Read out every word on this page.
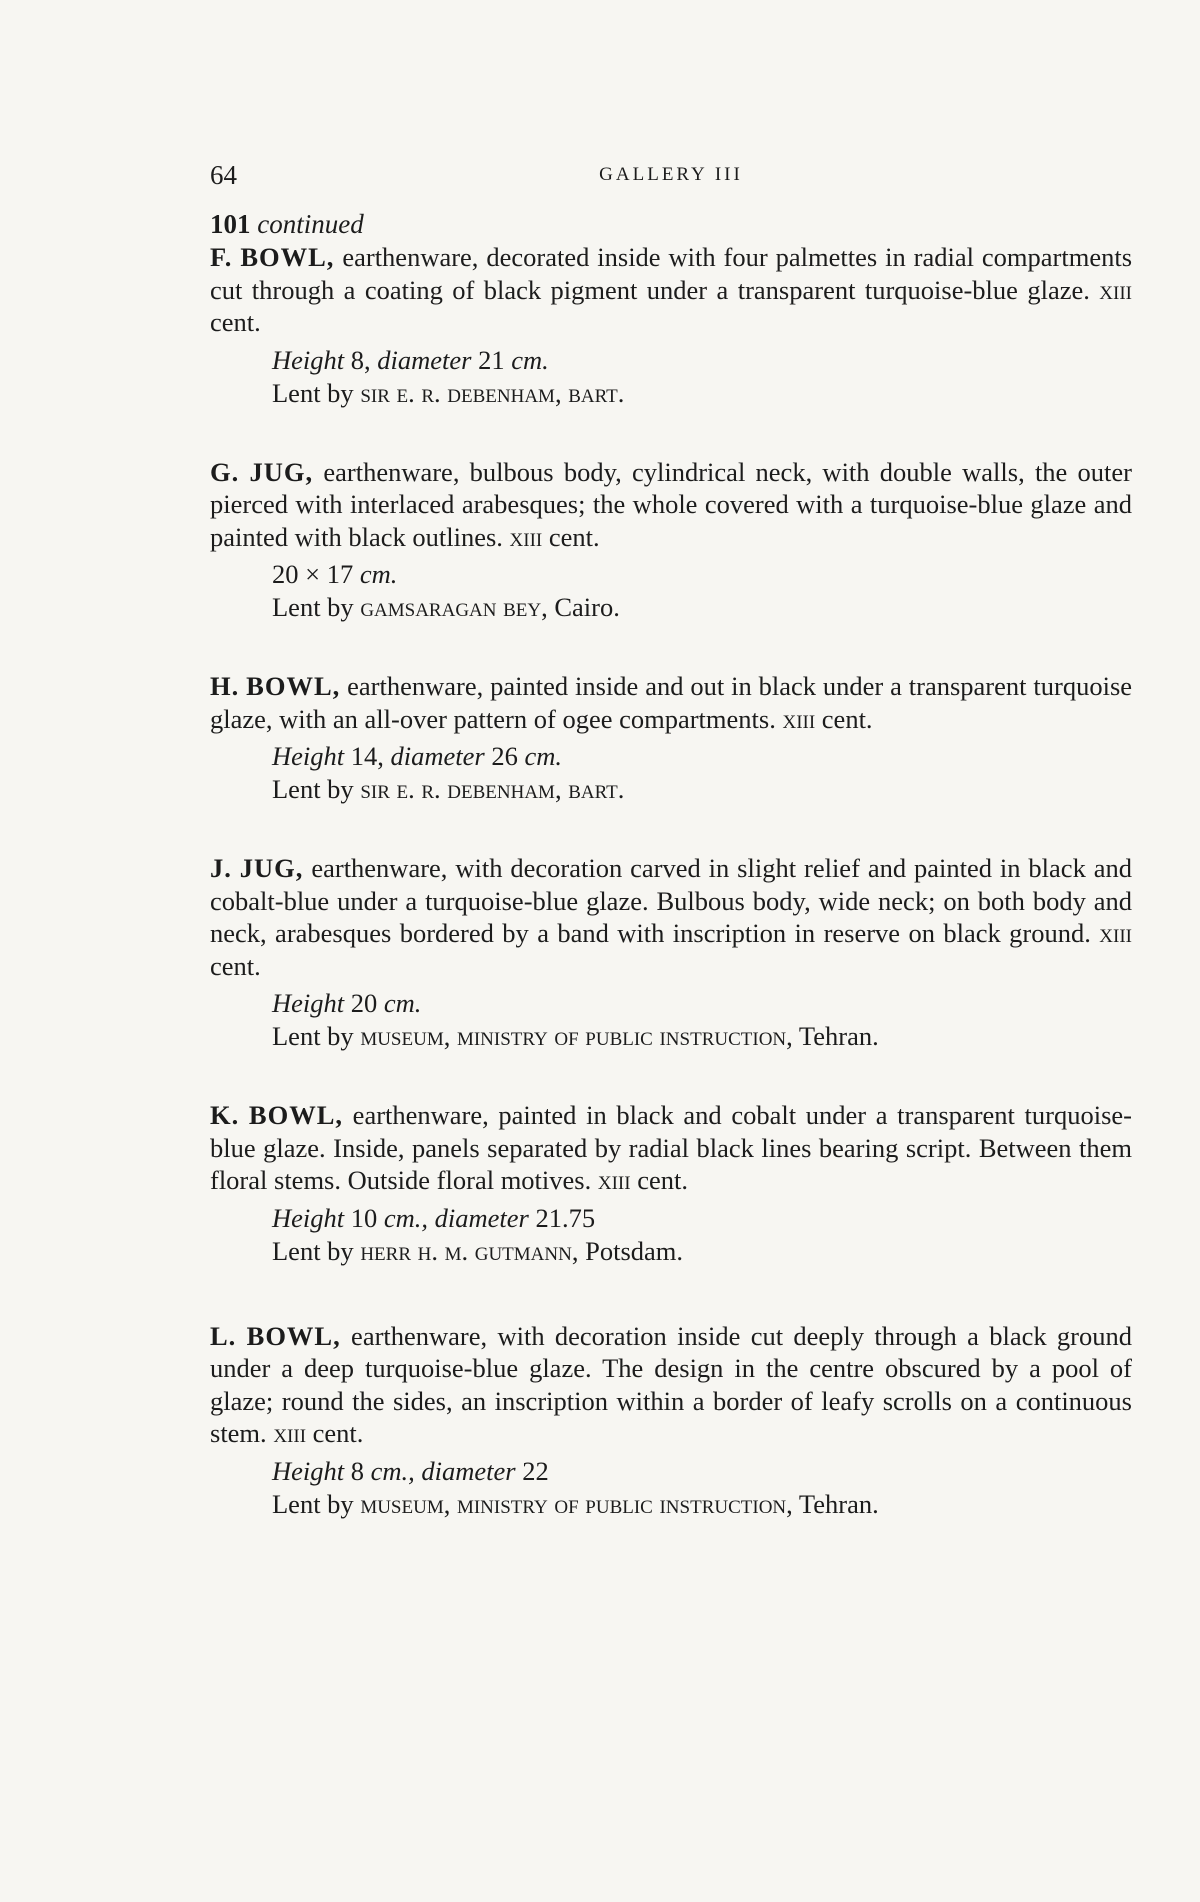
64	GALLERY III

101 continued

F. BOWL, earthenware, decorated inside with four palmettes in radial compartments cut through a coating of black pigment under a transparent turquoise-blue glaze. xiii cent.

Height 8, diameter 21 cm.

Lent by sir e. r. debenham, bart.

G. JUG, earthenware, bulbous body, cylindrical neck, with double walls, the outer pierced with interlaced arabesques; the whole covered with a turquoise-blue glaze and painted with black outlines. xiii cent.

20 × 17 cm.

Lent by gamsaragan bey, Cairo.

H. BOWL, earthenware, painted inside and out in black under a transparent turquoise glaze, with an all-over pattern of ogee compartments. xiii cent.

Height 14, diameter 26 cm.

Lent by sir e. r. debenham, bart.

J. JUG, earthenware, with decoration carved in slight relief and painted in black and cobalt-blue under a turquoise-blue glaze. Bulbous body, wide neck; on both body and neck, arabesques bordered by a band with inscription in reserve on black ground. xiii cent.

Height 20 cm.

Lent by museum, ministry of public instruction, Tehran.

K. BOWL, earthenware, painted in black and cobalt under a transparent turquoise-blue glaze. Inside, panels separated by radial black lines bearing script. Between them floral stems. Outside floral motives. xiii cent.

Height 10 cm., diameter 21.75

Lent by herr h. m. gutmann, Potsdam.

L. BOWL, earthenware, with decoration inside cut deeply through a black ground under a deep turquoise-blue glaze. The design in the centre obscured by a pool of glaze; round the sides, an inscription within a border of leafy scrolls on a continuous stem. xiii cent.

Height 8 cm., diameter 22

Lent by museum, ministry of public instruction, Tehran.
